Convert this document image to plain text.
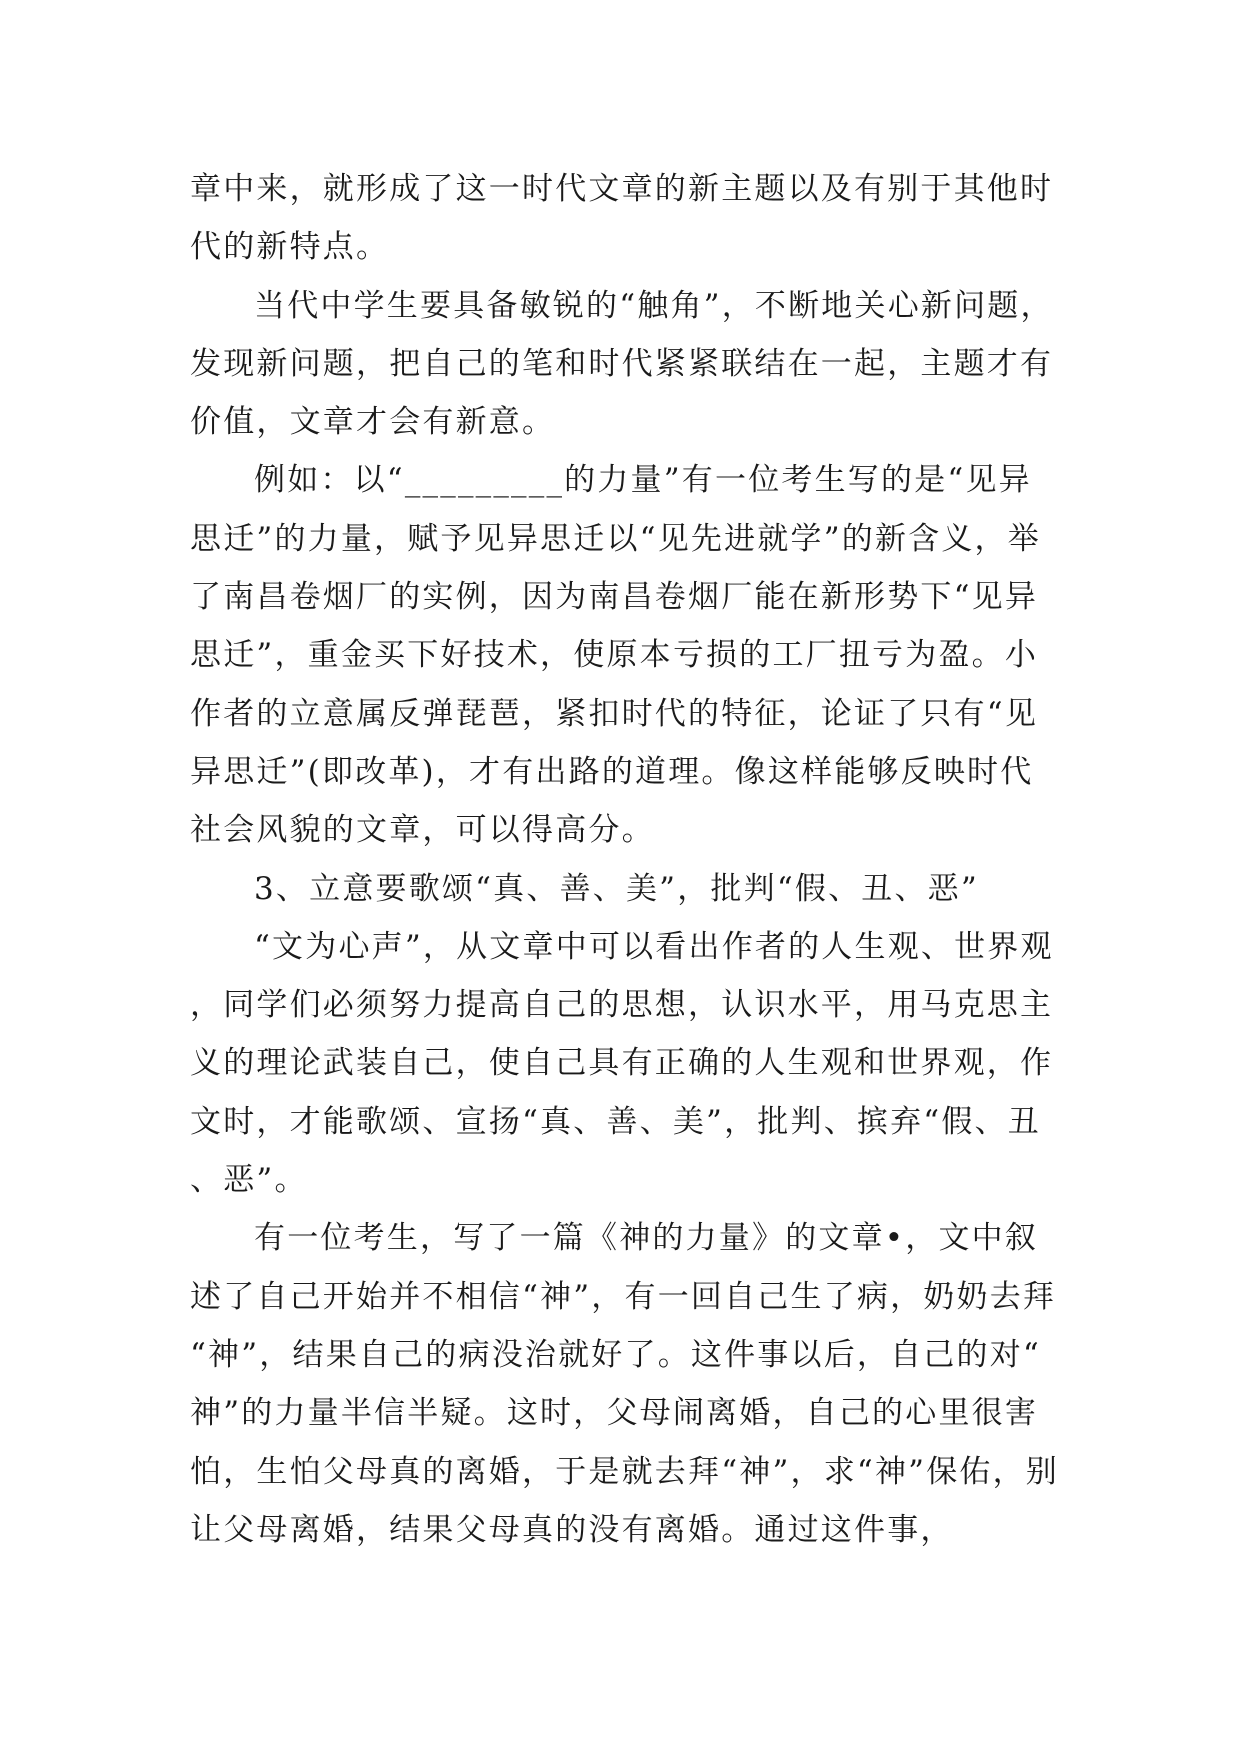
章中来，就形成了这一时代文章的新主题以及有别于其他时代的新特点。

当代中学生要具备敏锐的“触角”，不断地关心新问题，发现新问题，把自己的笔和时代紧紧联结在一起，主题才有价值，文章才会有新意。

例如：以“_________的力量”有一位考生写的是“见异思迁”的力量，赋予见异思迁以“见先进就学”的新含义，举了南昌卷烟厂的实例，因为南昌卷烟厂能在新形势下“见异思迁”，重金买下好技术，使原本亏损的工厂扭亏为盈。小作者的立意属反弹琵琶，紧扣时代的特征，论证了只有“见异思迁”(即改革)，才有出路的道理。像这样能够反映时代社会风貌的文章，可以得高分。

3、立意要歌颂“真、善、美”，批判“假、丑、恶”

“文为心声”，从文章中可以看出作者的人生观、世界观，同学们必须努力提高自己的思想，认识水平，用马克思主义的理论武装自己，使自己具有正确的人生观和世界观，作文时，才能歌颂、宣扬“真、善、美”，批判、摈弃“假、丑、恶”。

有一位考生，写了一篇《神的力量》的文章•，文中叙述了自己开始并不相信“神”，有一回自己生了病，奶奶去拜“神”，结果自己的病没治就好了。这件事以后，自己的对“神”的力量半信半疑。这时，父母闹离婚，自己的心里很害怕，生怕父母真的离婚，于是就去拜“神”，求“神”保佑，别让父母离婚，结果父母真的没有离婚。通过这件事，
